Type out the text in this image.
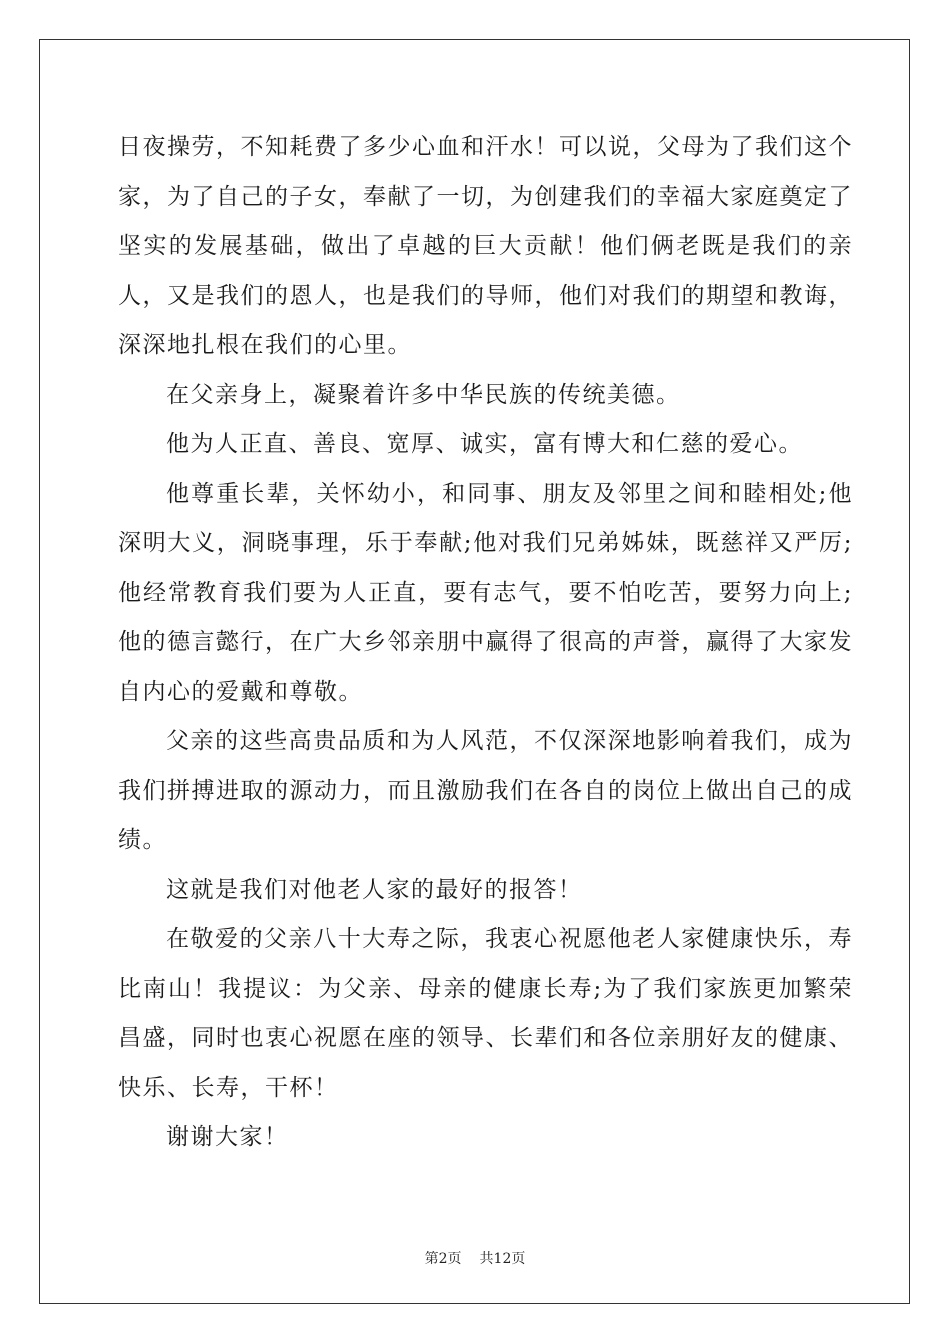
日夜操劳，不知耗费了多少心血和汗水！可以说，父母为了我们这个家，为了自己的子女，奉献了一切，为创建我们的幸福大家庭奠定了坚实的发展基础，做出了卓越的巨大贡献！他们俩老既是我们的亲人，又是我们的恩人，也是我们的导师，他们对我们的期望和教诲，深深地扎根在我们的心里。

在父亲身上，凝聚着许多中华民族的传统美德。

他为人正直、善良、宽厚、诚实，富有博大和仁慈的爱心。

他尊重长辈，关怀幼小，和同事、朋友及邻里之间和睦相处;他深明大义，洞晓事理，乐于奉献;他对我们兄弟姊妹，既慈祥又严厉;他经常教育我们要为人正直，要有志气，要不怕吃苦，要努力向上;他的德言懿行，在广大乡邻亲朋中赢得了很高的声誉，赢得了大家发自内心的爱戴和尊敬。

父亲的这些高贵品质和为人风范，不仅深深地影响着我们，成为我们拼搏进取的源动力，而且激励我们在各自的岗位上做出自己的成绩。

这就是我们对他老人家的最好的报答！

在敬爱的父亲八十大寿之际，我衷心祝愿他老人家健康快乐，寿比南山！我提议：为父亲、母亲的健康长寿;为了我们家族更加繁荣昌盛，同时也衷心祝愿在座的领导、长辈们和各位亲朋好友的健康、快乐、长寿，干杯！

谢谢大家！

第2页 共12页
